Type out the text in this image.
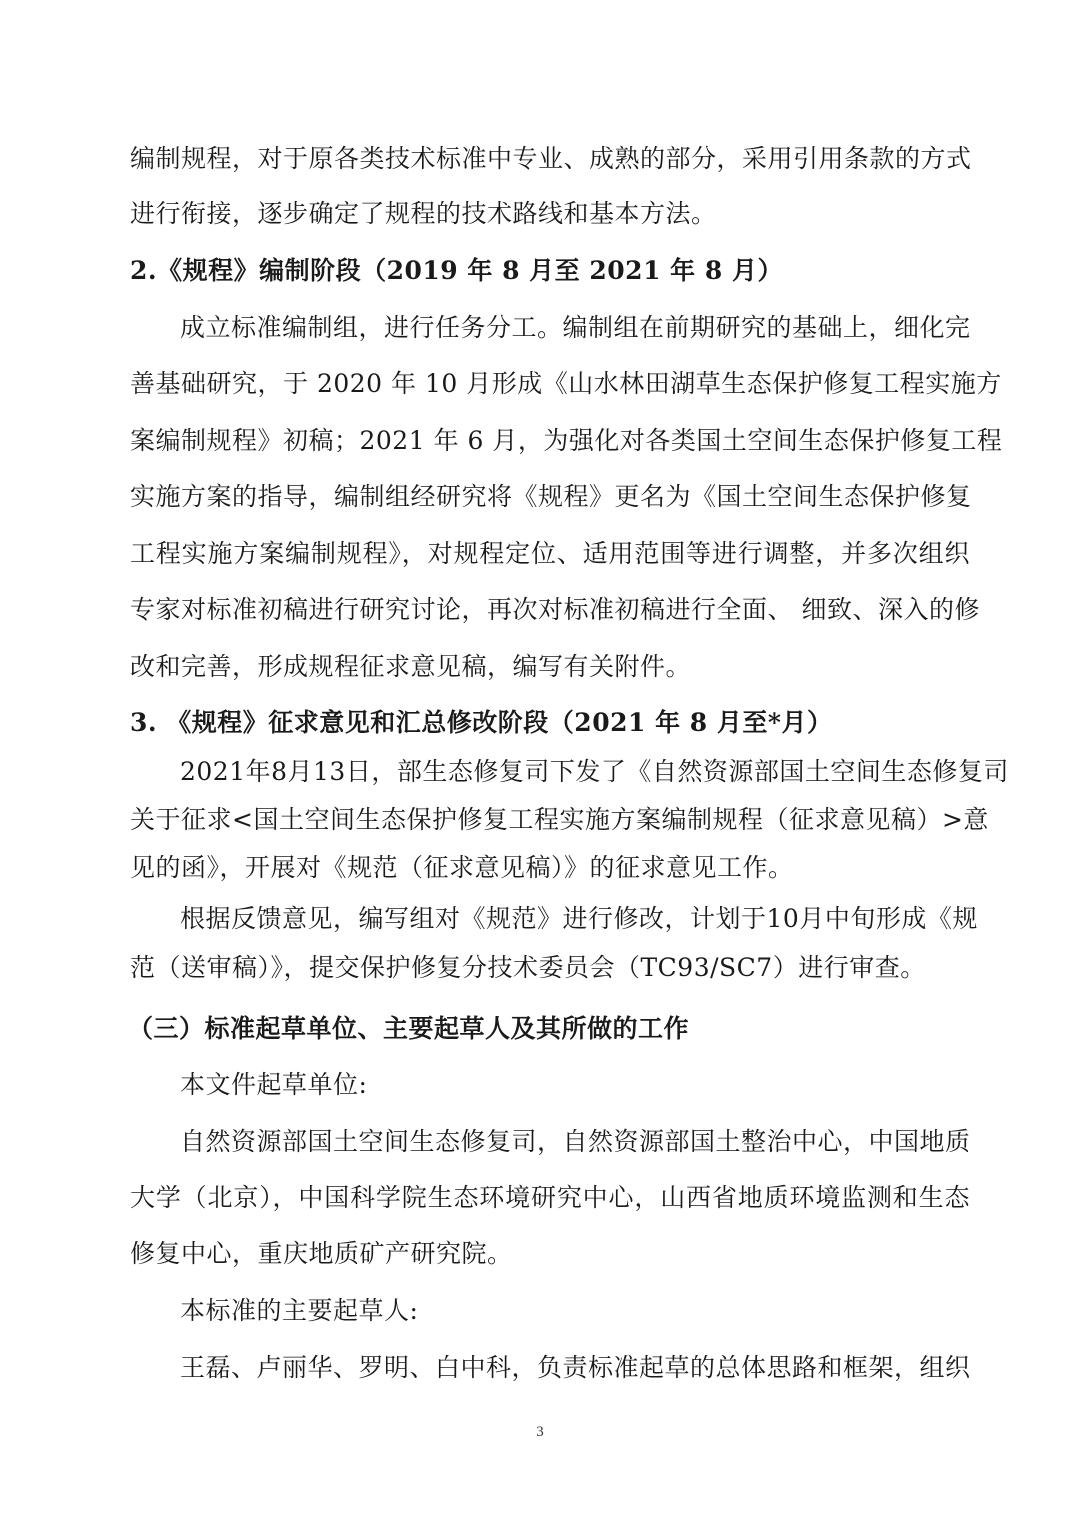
编制规程，对于原各类技术标准中专业、成熟的部分，采用引用条款的方式
进行衔接，逐步确定了规程的技术路线和基本方法。
2.《规程》编制阶段（2019 年 8 月至 2021 年 8 月）
成立标准编制组，进行任务分工。编制组在前期研究的基础上，细化完
善基础研究，于 2020 年 10 月形成《山水林田湖草生态保护修复工程实施方
案编制规程》初稿；2021 年 6 月，为强化对各类国土空间生态保护修复工程
实施方案的指导，编制组经研究将《规程》更名为《国土空间生态保护修复
工程实施方案编制规程》，对规程定位、适用范围等进行调整，并多次组织
专家对标准初稿进行研究讨论，再次对标准初稿进行全面、 细致、深入的修
改和完善，形成规程征求意见稿，编写有关附件。
3. 《规程》征求意见和汇总修改阶段（2021 年 8 月至*月）
2021年8月13日，部生态修复司下发了《自然资源部国土空间生态修复司
关于征求<国土空间生态保护修复工程实施方案编制规程（征求意见稿）>意
见的函》，开展对《规范（征求意见稿）》的征求意见工作。
根据反馈意见，编写组对《规范》进行修改，计划于10月中旬形成《规
范（送审稿）》，提交保护修复分技术委员会（TC93/SC7）进行审查。
（三）标准起草单位、主要起草人及其所做的工作
本文件起草单位:
自然资源部国土空间生态修复司，自然资源部国土整治中心，中国地质
大学（北京），中国科学院生态环境研究中心，山西省地质环境监测和生态
修复中心，重庆地质矿产研究院。
本标准的主要起草人:
王磊、卢丽华、罗明、白中科，负责标准起草的总体思路和框架，组织
3
